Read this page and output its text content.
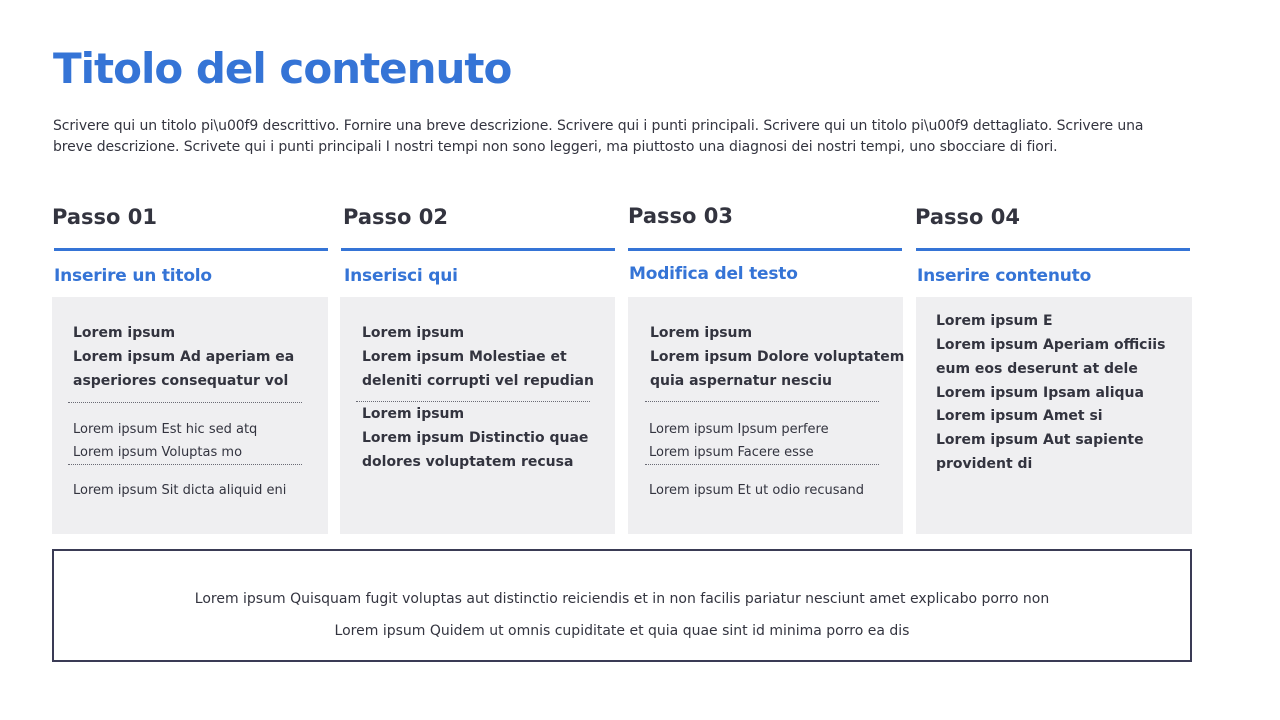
Titolo del contenuto

Scrivere qui un titolo pi\u00f9 descrittivo. Fornire una breve descrizione. Scrivere qui i punti principali. Scrivere qui un titolo pi\u00f9 dettagliato. Scrivere una breve descrizione. Scrivete qui i punti principali I nostri tempi non sono leggeri, ma piuttosto una diagnosi dei nostri tempi, uno sbocciare di fiori.

Passo 01
Inserire un titolo

Lorem ipsum

Lorem ipsum Ad aperiam ea

asperiores consequatur vol

Lorem ipsum Est hic sed atq

Lorem ipsum Voluptas mo

Lorem ipsum Sit dicta aliquid eni

Passo 02
Inserisci qui

Lorem ipsum

Lorem ipsum Molestiae et

deleniti corrupti vel repudian

Lorem ipsum

Lorem ipsum Distinctio quae

dolores voluptatem recusa

Passo 03
Modifica del testo

Lorem ipsum

Lorem ipsum Dolore voluptatem

quia aspernatur nesciu

Lorem ipsum Ipsum perfere

Lorem ipsum Facere esse

Lorem ipsum Et ut odio recusand

Passo 04
Inserire contenuto

Lorem ipsum E

Lorem ipsum Aperiam officiis

eum eos deserunt at dele

Lorem ipsum Ipsam aliqua

Lorem ipsum Amet si

Lorem ipsum Aut sapiente

provident di

Lorem ipsum Quisquam fugit voluptas aut distinctio reiciendis et in non facilis pariatur nesciunt amet explicabo porro non

Lorem ipsum Quidem ut omnis cupiditate et quia quae sint id minima porro ea dis
